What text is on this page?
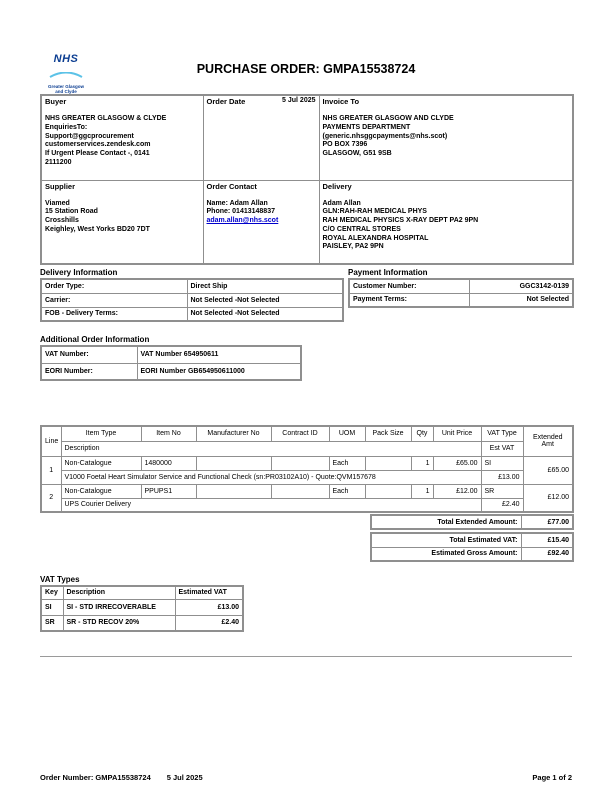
NHS
Greater Glasgow
and Clyde
PURCHASE ORDER: GMPA15538724
Buyer
NHS GREATER GLASGOW & CLYDE
EnquiriesTo:
Support@ggcprocurement
customerservices.zendesk.com
If Urgent Please Contact -, 0141
2111200

Order Date	5 Jul 2025	Invoice To
NHS GREATER GLASGOW AND CLYDE
PAYMENTS DEPARTMENT
(generic.nhsggcpayments@nhs.scot)
PO BOX 7396
GLASGOW, G51 9SB

Supplier
Viamed
15 Station Road
Crosshills
Keighley, West Yorks BD20 7DT

Order Contact
Name: Adam Allan
Phone: 01413148837
adam.allan@nhs.scot

Delivery
Adam Allan
GLN:RAH-RAH MEDICAL PHYS
RAH MEDICAL PHYSICS X-RAY DEPT PA2 9PN
C/O CENTRAL STORES
ROYAL ALEXANDRA HOSPITAL
PAISLEY, PA2 9PN
Delivery Information
Order Type:	Direct Ship
Carrier:	Not Selected -Not Selected
FOB - Delivery Terms:	Not Selected -Not Selected
Payment Information
Customer Number:	GGC3142-0139
Payment Terms:	Not Selected
Additional Order Information
VAT Number:	VAT Number 654950611
EORI Number:	EORI Number GB654950611000
Line	Item Type	Item No	Manufacturer No	Contract ID	UOM	Pack Size	Qty	Unit Price	VAT Type	Extended Amt
	Description								Est VAT	
1	Non-Catalogue	1480000			Each		1	£65.00	SI	£65.00
	V1000 Foetal Heart Simulator Service and Functional Check (sn:PR03102A10) - Quote:QVM157678								£13.00	
2	Non-Catalogue	PPUPS1			Each		1	£12.00	SR	£12.00
	UPS Courier Delivery								£2.40	
Total Extended Amount:	£77.00
Total Estimated VAT:	£15.40
Estimated Gross Amount:	£92.40
VAT Types
Key	Description	Estimated VAT
SI	SI - STD IRRECOVERABLE	£13.00
SR	SR - STD RECOV 20%	£2.40
Order Number: GMPA15538724 5 Jul 2025	Page 1 of 2
